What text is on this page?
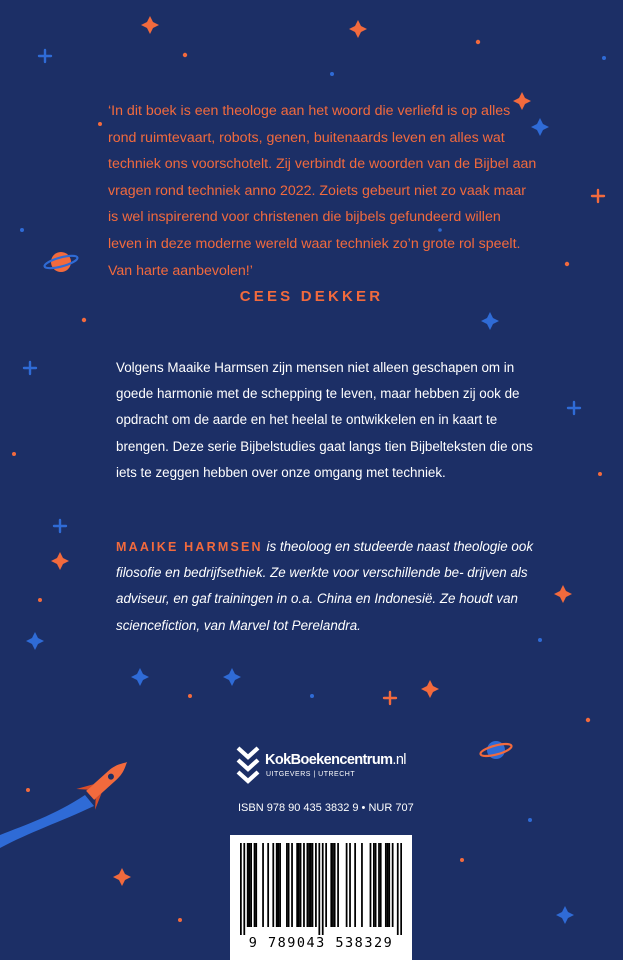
‘In dit boek is een theologe aan het woord die verliefd is op alles rond ruimtevaart, robots, genen, buitenaards leven en alles wat techniek ons voorschotelt. Zij verbindt de woorden van de Bijbel aan vragen rond techniek anno 2022. Zoiets gebeurt niet zo vaak maar is wel inspirerend voor christenen die bijbels gefundeerd willen leven in deze moderne wereld waar techniek zo’n grote rol speelt. Van harte aanbevolen!’

CEES DEKKER

Volgens Maaike Harmsen zijn mensen niet alleen geschapen om in goede harmonie met de schepping te leven, maar hebben zij ook de opdracht om de aarde en het heelal te ontwikkelen en in kaart te brengen. Deze serie Bijbelstudies gaat langs tien Bijbelteksten die ons iets te zeggen hebben over onze omgang met techniek.

MAAIKE HARMSEN is theoloog en studeerde naast theologie ook filosofie en bedrijfsethiek. Ze werkte voor verschillende be- drijven als adviseur, en gaf trainingen in o.a. China en Indonesië. Ze houdt van sciencefiction, van Marvel tot Perelandra.

KokBoekencentrum.nl
UITGEVERS | UTRECHT

ISBN 978 90 435 3832 9 • NUR 707

9 789043 538329
